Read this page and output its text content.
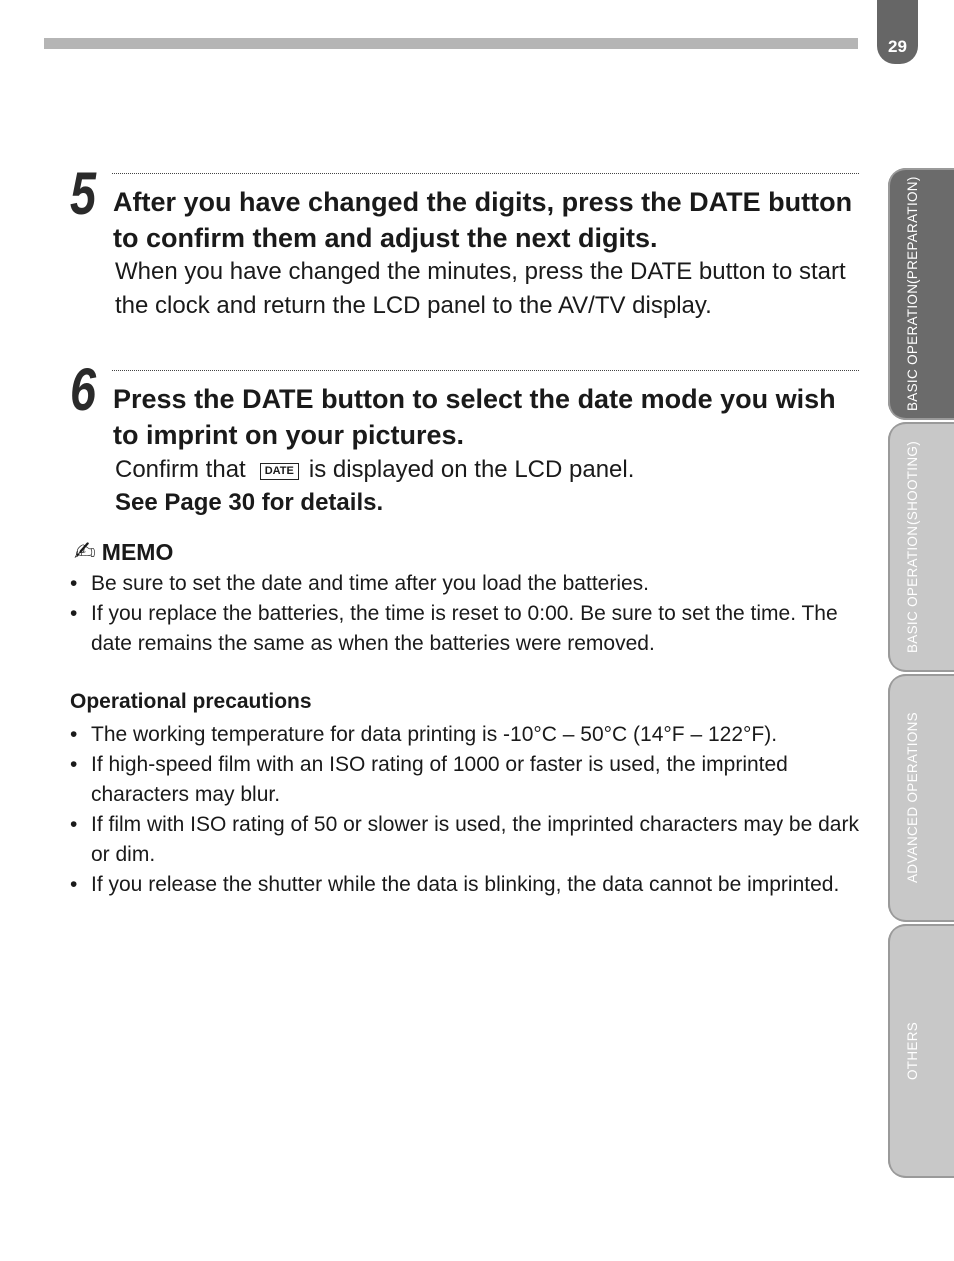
29
5 After you have changed the digits, press the DATE button to confirm them and adjust the next digits.
When you have changed the minutes, press the DATE button to start the clock and return the LCD panel to the AV/TV display.
6 Press the DATE button to select the date mode you wish to imprint on your pictures.
Confirm that DATE is displayed on the LCD panel.
See Page 30 for details.
✍ MEMO
• Be sure to set the date and time after you load the batteries.
• If you replace the batteries, the time is reset to 0:00. Be sure to set the time. The date remains the same as when the batteries were removed.
Operational precautions
• The working temperature for data printing is -10°C – 50°C (14°F – 122°F).
• If high-speed film with an ISO rating of 1000 or faster is used, the imprinted characters may blur.
• If film with ISO rating of 50 or slower is used, the imprinted characters may be dark or dim.
• If you release the shutter while the data is blinking, the data cannot be imprinted.
BASIC OPERATION
(PREPARATION)
BASIC OPERATION
(SHOOTING)
ADVANCED OPERATIONS
OTHERS
